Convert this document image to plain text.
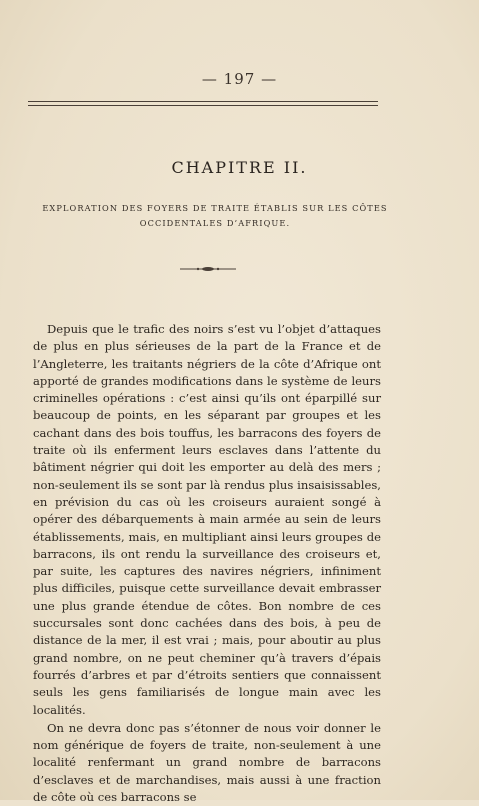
— 197 —
CHAPITRE II.
EXPLORATION DES FOYERS DE TRAITE ÉTABLIS SUR LES CÔTES
OCCIDENTALES D’AFRIQUE.

Depuis que le trafic des noirs s’est vu l’objet d’attaques de plus en plus sérieuses de la part de la France et de l’Angleterre, les traitants négriers de la côte d’Afrique ont apporté de grandes modifications dans le système de leurs criminelles opérations : c’est ainsi qu’ils ont éparpillé sur beaucoup de points, en les séparant par groupes et les cachant dans des bois touffus, les barracons des foyers de traite où ils enferment leurs esclaves dans l’attente du bâtiment négrier qui doit les emporter au delà des mers ; non-seulement ils se sont par là rendus plus insaisissables, en prévision du cas où les croiseurs auraient songé à opérer des débarquements à main armée au sein de leurs établissements, mais, en multipliant ainsi leurs groupes de barracons, ils ont rendu la surveillance des croiseurs et, par suite, les captures des navires négriers, infiniment plus difficiles, puisque cette surveillance devait embrasser une plus grande étendue de côtes. Bon nombre de ces succursales sont donc cachées dans des bois, à peu de distance de la mer, il est vrai ; mais, pour aboutir au plus grand nombre, on ne peut cheminer qu’à travers d’épais fourrés d’arbres et par d’étroits sentiers que connaissent seuls les gens familiarisés de longue main avec les localités.

On ne devra donc pas s’étonner de nous voir donner le nom générique de foyers de traite, non-seulement à une localité renfermant un grand nombre de barracons d’esclaves et de marchandises, mais aussi à une fraction de côte où ces barracons se
